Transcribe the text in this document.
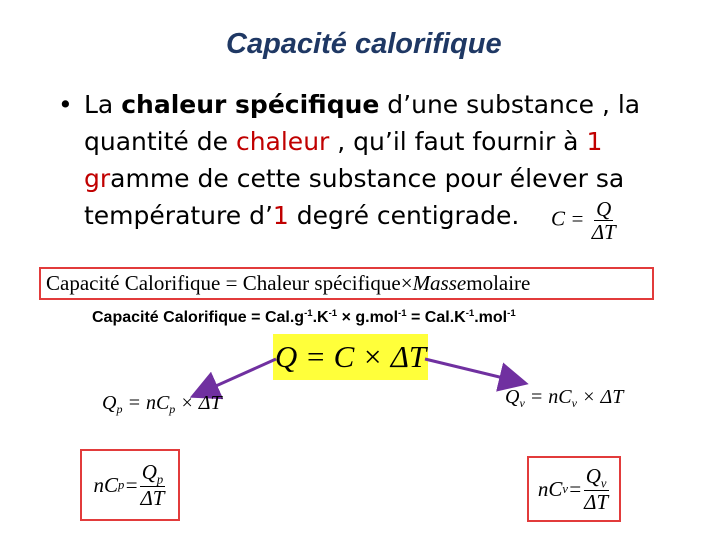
Capacité calorifique
• La chaleur spécifique d’une substance , la quantité de chaleur , qu’il faut fournir à 1 gramme de cette substance pour élever sa température d’1 degré centigrade.	$C = \frac{Q}{\Delta T}$
Capacité Calorifique = Chaleur spécifique × Masse molaire
Capacité Calorifique = $Cal.g^{-1}.K^{-1} \times g.mol^{-1} = Cal.K^{-1}.mol^{-1}$
Q = C × ΔT
$Q_p = nC_p \times \Delta T$	$Q_v = nC_v \times \Delta T$
nC $p = \frac{Q_p}{\Delta T}$	nC $v = \frac{Q_v}{\Delta T}$
